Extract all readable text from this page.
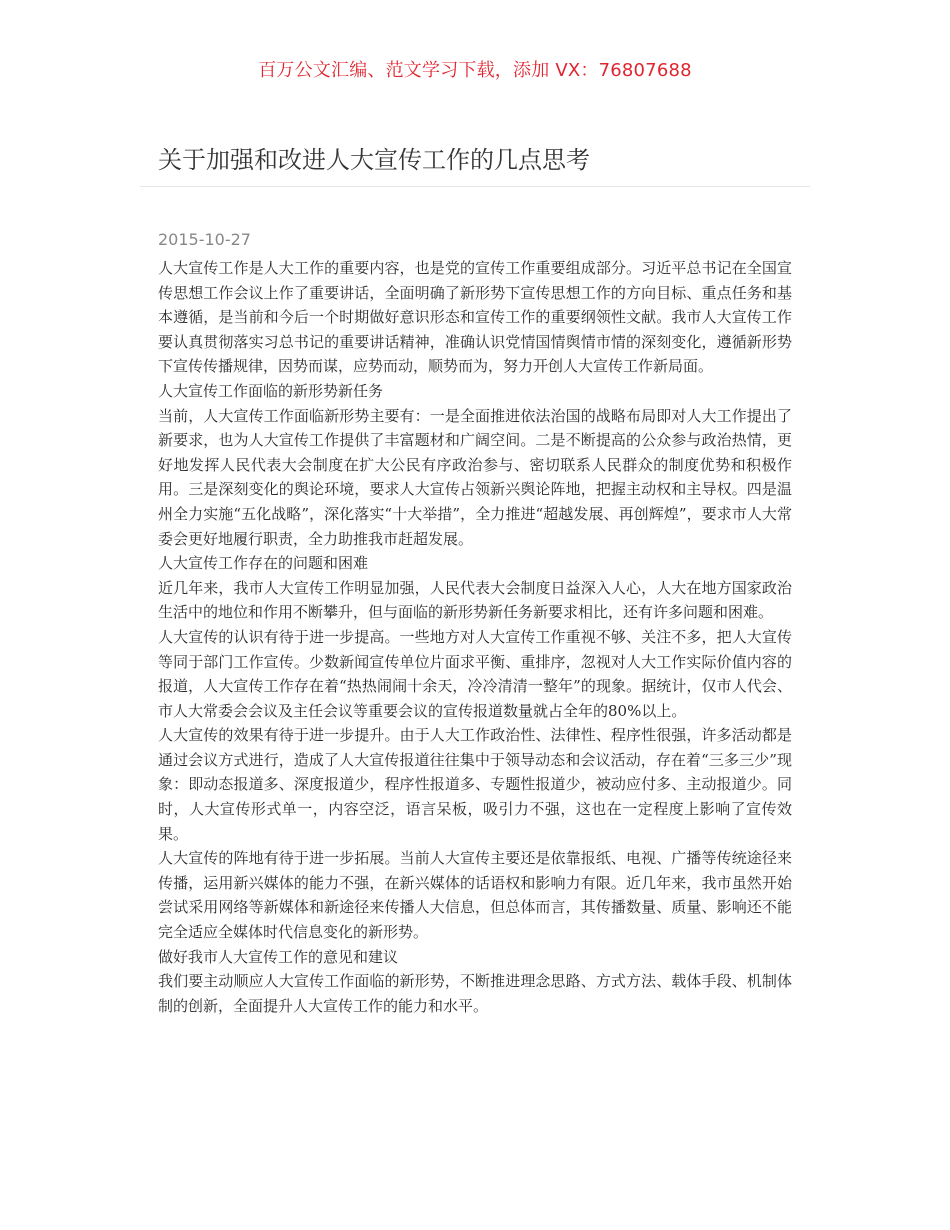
百万公文汇编、范文学习下载，添加 VX：76807688
关于加强和改进人大宣传工作的几点思考
2015-10-27

人大宣传工作是人大工作的重要内容，也是党的宣传工作重要组成部分。习近平总书记在全国宣传思想工作会议上作了重要讲话，全面明确了新形势下宣传思想工作的方向目标、重点任务和基本遵循，是当前和今后一个时期做好意识形态和宣传工作的重要纲领性文献。我市人大宣传工作要认真贯彻落实习总书记的重要讲话精神，准确认识党情国情舆情市情的深刻变化，遵循新形势下宣传传播规律，因势而谋，应势而动，顺势而为，努力开创人大宣传工作新局面。

人大宣传工作面临的新形势新任务

当前，人大宣传工作面临新形势主要有：一是全面推进依法治国的战略布局即对人大工作提出了新要求，也为人大宣传工作提供了丰富题材和广阔空间。二是不断提高的公众参与政治热情，更好地发挥人民代表大会制度在扩大公民有序政治参与、密切联系人民群众的制度优势和积极作用。三是深刻变化的舆论环境，要求人大宣传占领新兴舆论阵地，把握主动权和主导权。四是温州全力实施“五化战略”，深化落实“十大举措”，全力推进“超越发展、再创辉煌”，要求市人大常委会更好地履行职责，全力助推我市赶超发展。

人大宣传工作存在的问题和困难

近几年来，我市人大宣传工作明显加强，人民代表大会制度日益深入人心，人大在地方国家政治生活中的地位和作用不断攀升，但与面临的新形势新任务新要求相比，还有许多问题和困难。

人大宣传的认识有待于进一步提高。一些地方对人大宣传工作重视不够、关注不多，把人大宣传等同于部门工作宣传。少数新闻宣传单位片面求平衡、重排序，忽视对人大工作实际价值内容的报道，人大宣传工作存在着“热热闹闹十余天，冷冷清清一整年”的现象。据统计，仅市人代会、市人大常委会会议及主任会议等重要会议的宣传报道数量就占全年的80%以上。

人大宣传的效果有待于进一步提升。由于人大工作政治性、法律性、程序性很强，许多活动都是通过会议方式进行，造成了人大宣传报道往往集中于领导动态和会议活动，存在着“三多三少”现象：即动态报道多、深度报道少，程序性报道多、专题性报道少，被动应付多、主动报道少。同时，人大宣传形式单一，内容空泛，语言呆板，吸引力不强，这也在一定程度上影响了宣传效果。

人大宣传的阵地有待于进一步拓展。当前人大宣传主要还是依靠报纸、电视、广播等传统途径来传播，运用新兴媒体的能力不强，在新兴媒体的话语权和影响力有限。近几年来，我市虽然开始尝试采用网络等新媒体和新途径来传播人大信息，但总体而言，其传播数量、质量、影响还不能完全适应全媒体时代信息变化的新形势。

做好我市人大宣传工作的意见和建议

我们要主动顺应人大宣传工作面临的新形势，不断推进理念思路、方式方法、载体手段、机制体制的创新，全面提升人大宣传工作的能力和水平。
